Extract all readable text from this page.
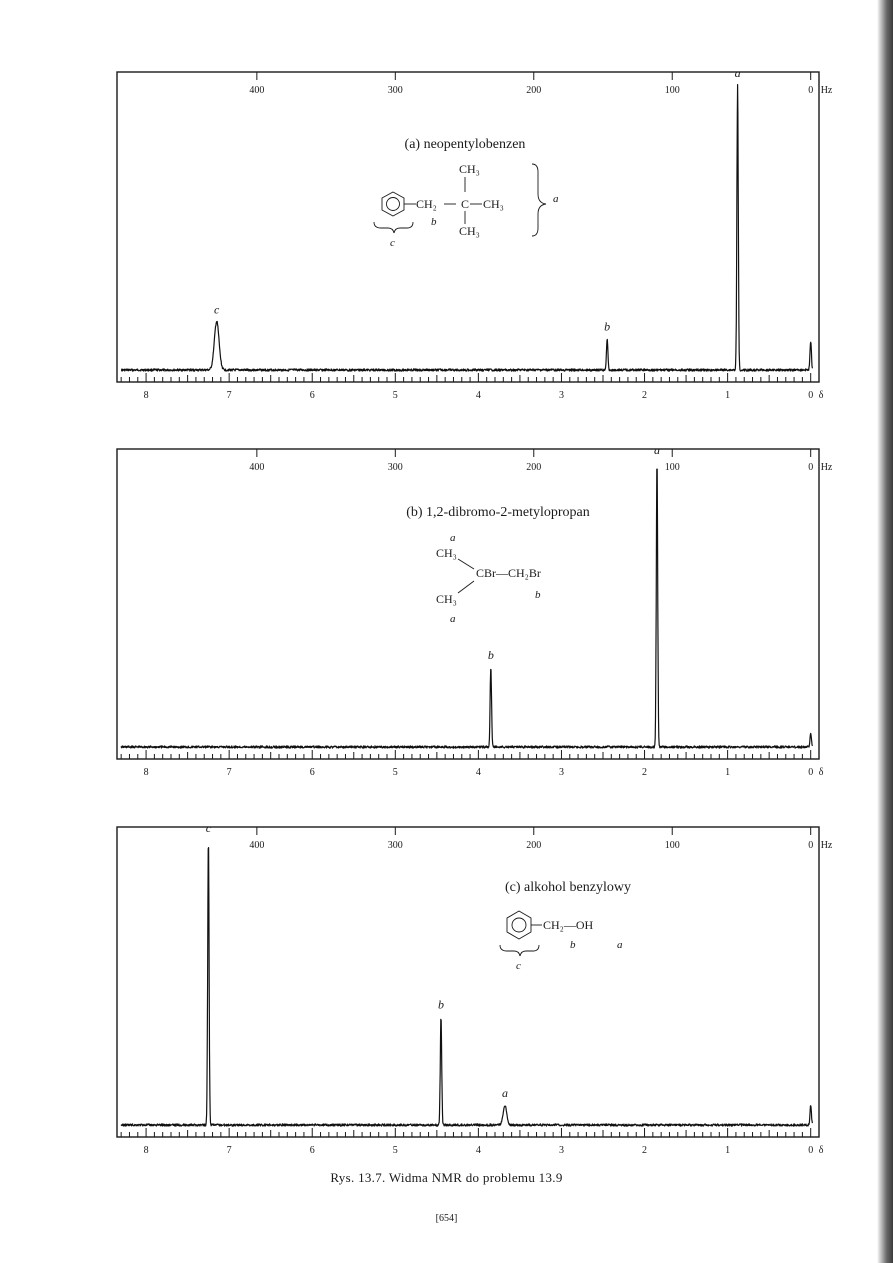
400	300	200	100	0 Hz
8	7	6	5	4	3	2	1	0 δ
c
b
a
(a) neopentylobenzen
CH₂ C CH₃
CH₃
CH₃
a
b
c
400	300	200	100	0 Hz
8	7	6	5	4	3	2	1	0 δ
b
a
(b) 1,2-dibromo-2-metylopropan
a
CH₃
CBr—CH₂Br
CH₃	b
a
400	300	200	100	0 Hz
8	7	6	5	4	3	2	1	0 δ
c
b
a
(c) alkohol benzylowy
CH₂—OH
b	a
c
Rys. 13.7. Widma NMR do problemu 13.9
[654]
